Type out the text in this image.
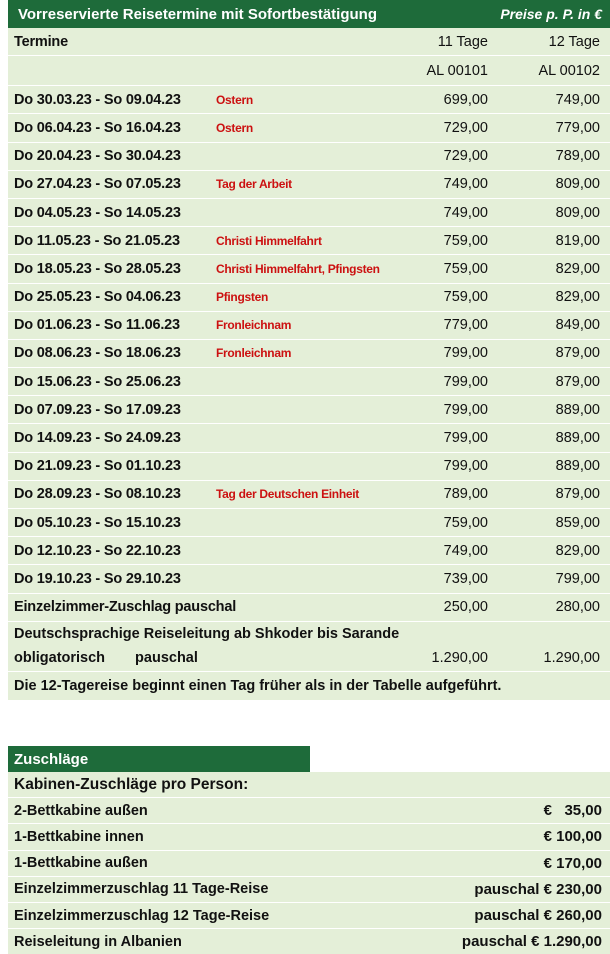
Vorreservierte Reisetermine mit Sofortbestätigung	Preise p. P. in €
Termine	11 Tage	12 Tage
AL 00101	AL 00102
Do 30.03.23 - So 09.04.23	Ostern	699,00	749,00
Do 06.04.23 - So 16.04.23	Ostern	729,00	779,00
Do 20.04.23 - So 30.04.23	729,00	789,00
Do 27.04.23 - So 07.05.23	Tag der Arbeit	749,00	809,00
Do 04.05.23 - So 14.05.23	749,00	809,00
Do 11.05.23 - So 21.05.23	Christi Himmelfahrt	759,00	819,00
Do 18.05.23 - So 28.05.23	Christi Himmelfahrt, Pfingsten	759,00	829,00
Do 25.05.23 - So 04.06.23	Pfingsten	759,00	829,00
Do 01.06.23 - So 11.06.23	Fronleichnam	779,00	849,00
Do 08.06.23 - So 18.06.23	Fronleichnam	799,00	879,00
Do 15.06.23 - So 25.06.23	799,00	879,00
Do 07.09.23 - So 17.09.23	799,00	889,00
Do 14.09.23 - So 24.09.23	799,00	889,00
Do 21.09.23 - So 01.10.23	799,00	889,00
Do 28.09.23 - So 08.10.23	Tag der Deutschen Einheit	789,00	879,00
Do 05.10.23 - So 15.10.23	759,00	859,00
Do 12.10.23 - So 22.10.23	749,00	829,00
Do 19.10.23 - So 29.10.23	739,00	799,00
Einzelzimmer-Zuschlag pauschal	250,00	280,00
Deutschsprachige Reiseleitung ab Shkoder bis Sarande
obligatorisch pauschal	1.290,00	1.290,00
Die 12-Tagereise beginnt einen Tag früher als in der Tabelle aufgeführt.
Zuschläge
Kabinen-Zuschläge pro Person:
2-Bettkabine außen	€   35,00
1-Bettkabine innen	€ 100,00
1-Bettkabine außen	€ 170,00
Einzelzimmerzuschlag 11 Tage-Reise	pauschal € 230,00
Einzelzimmerzuschlag 12 Tage-Reise	pauschal € 260,00
Reiseleitung in Albanien	pauschal € 1.290,00
